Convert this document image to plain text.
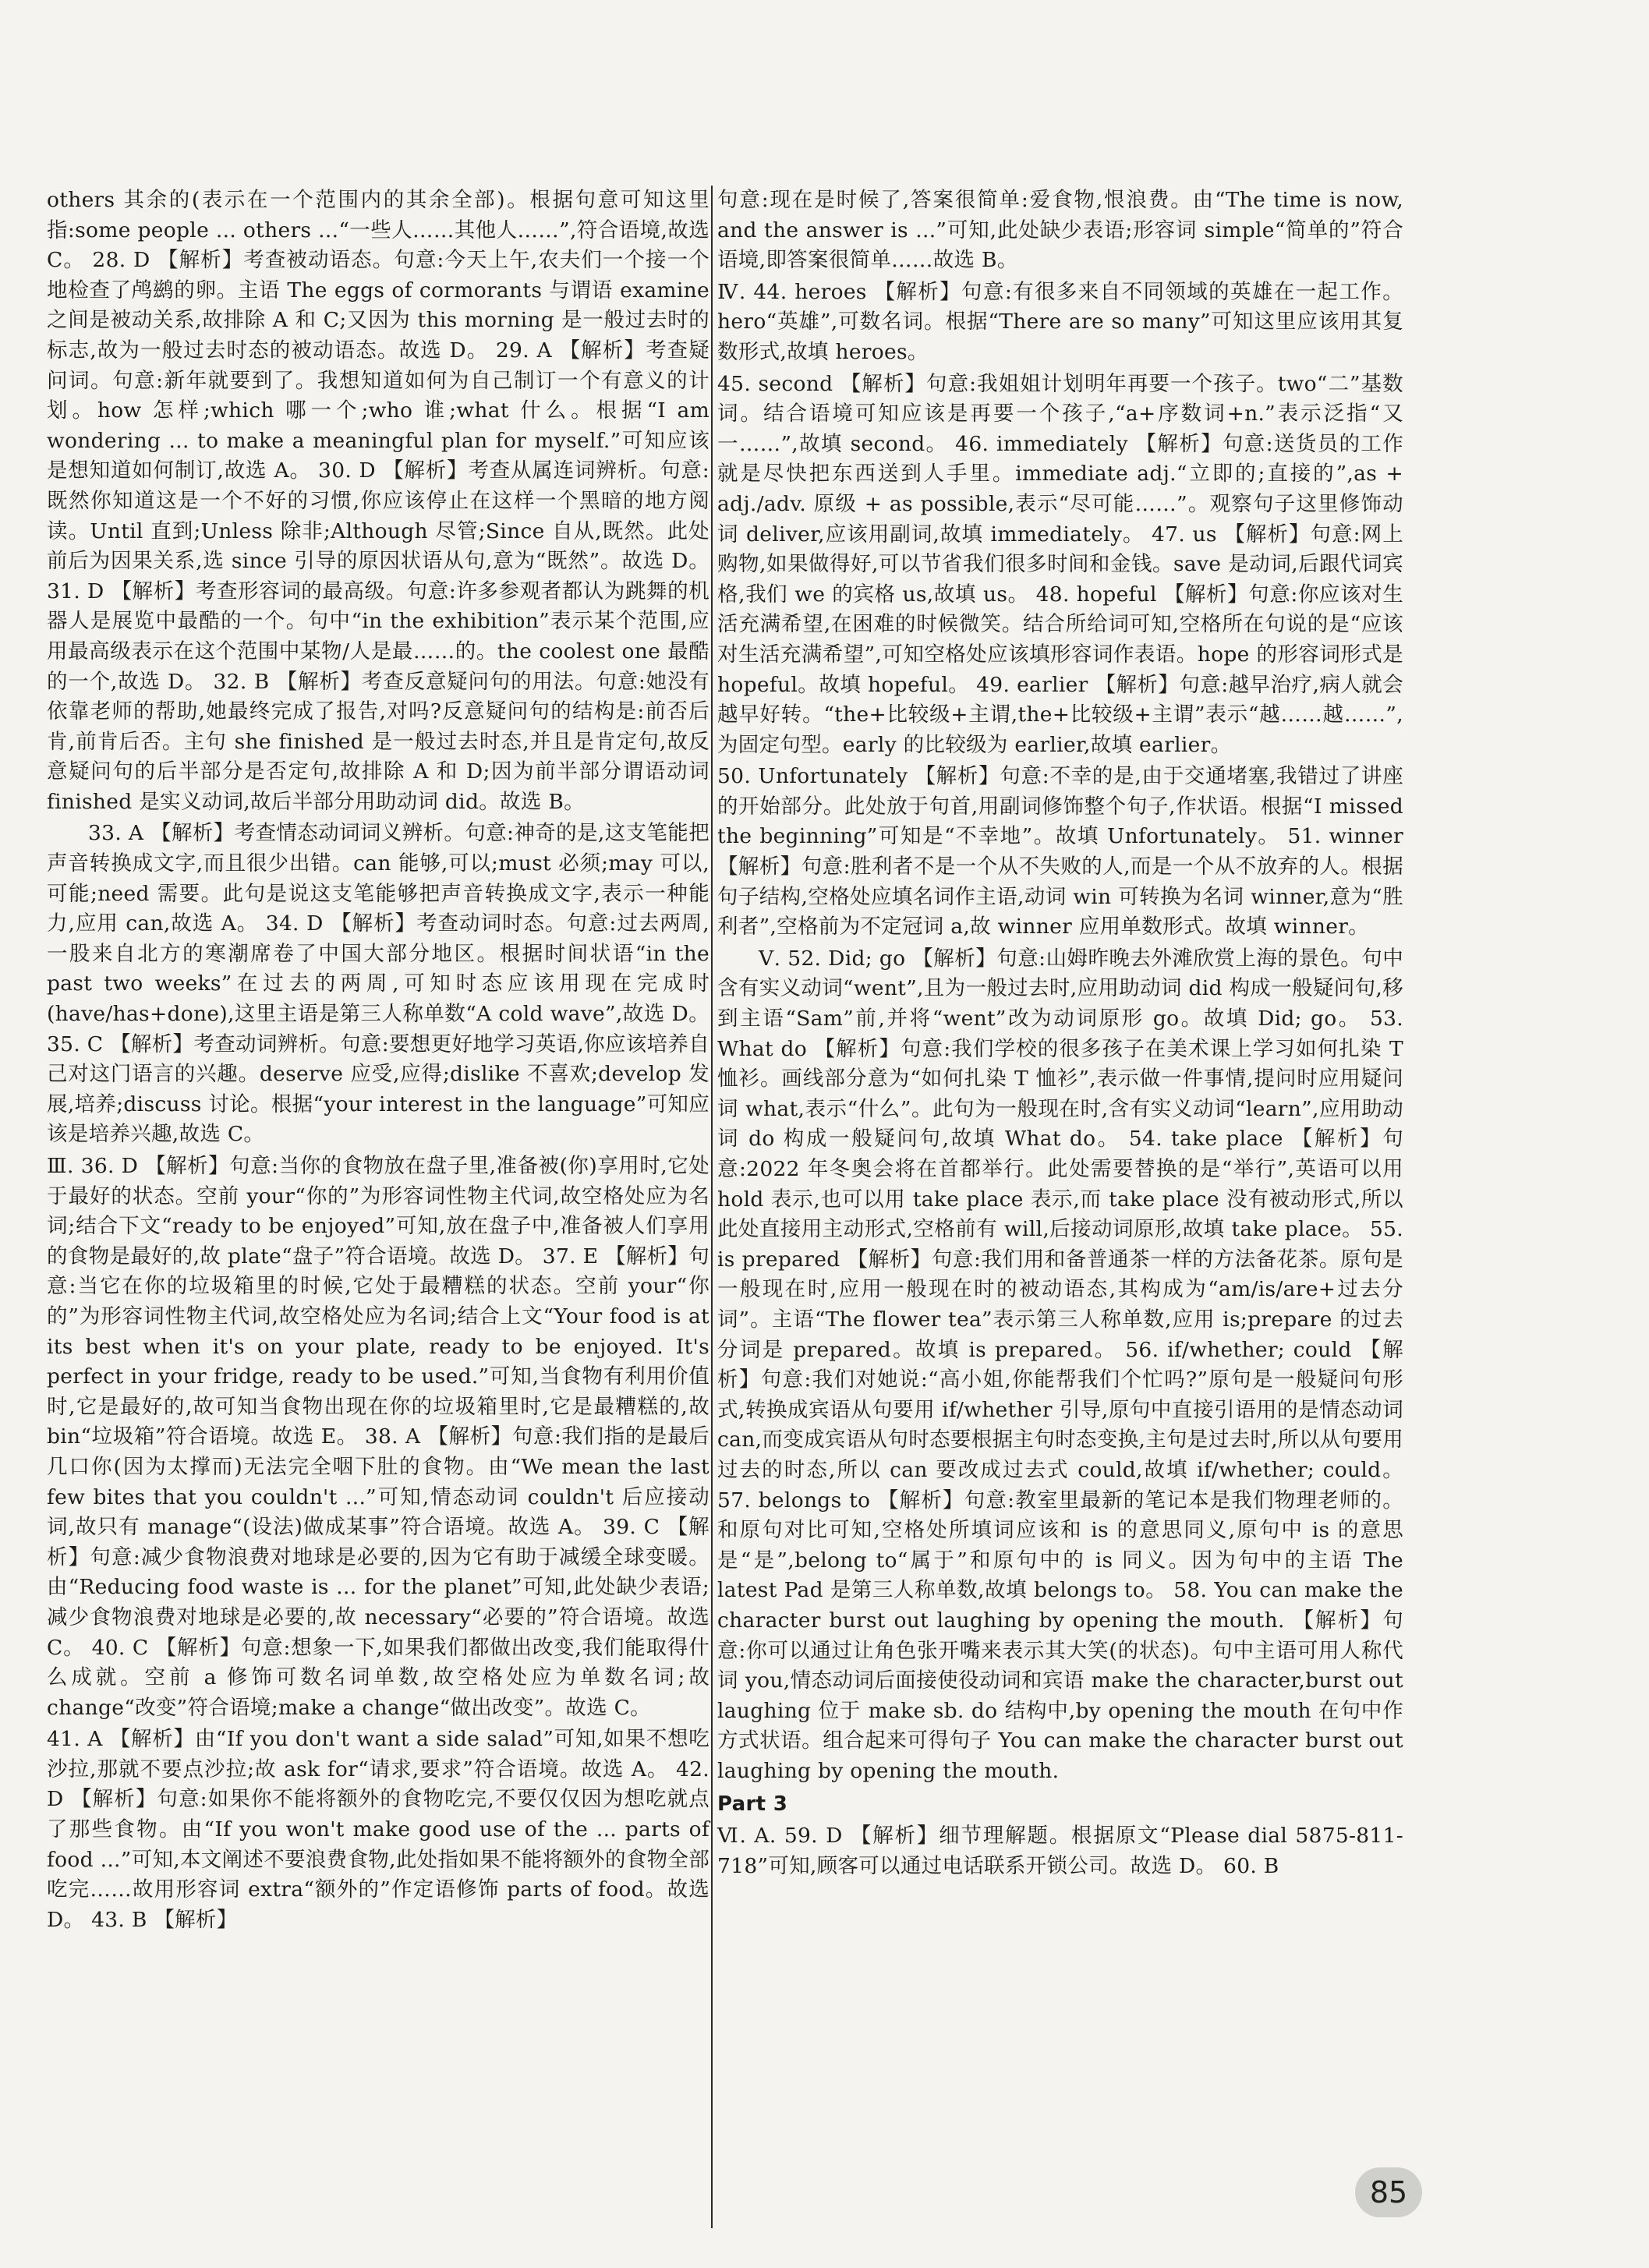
others 其余的(表示在一个范围内的其余全部)。根据句意可知这里指:some people ... others ...“一些人……其他人……”,符合语境,故选 C。 28. D 【解析】考查被动语态。句意:今天上午,农夫们一个接一个地检查了鸬鹚的卵。主语 The eggs of cormorants 与谓语 examine 之间是被动关系,故排除 A 和 C;又因为 this morning 是一般过去时的标志,故为一般过去时态的被动语态。故选 D。 29. A 【解析】考查疑问词。句意:新年就要到了。我想知道如何为自己制订一个有意义的计划。how 怎样;which 哪一个;who 谁;what 什么。根据“I am wondering ... to make a meaningful plan for myself.”可知应该是想知道如何制订,故选 A。 30. D 【解析】考查从属连词辨析。句意:既然你知道这是一个不好的习惯,你应该停止在这样一个黑暗的地方阅读。Until 直到;Unless 除非;Although 尽管;Since 自从,既然。此处前后为因果关系,选 since 引导的原因状语从句,意为“既然”。故选 D。 31. D 【解析】考查形容词的最高级。句意:许多参观者都认为跳舞的机器人是展览中最酷的一个。句中“in the exhibition”表示某个范围,应用最高级表示在这个范围中某物/人是最……的。the coolest one 最酷的一个,故选 D。 32. B 【解析】考查反意疑问句的用法。句意:她没有依靠老师的帮助,她最终完成了报告,对吗?反意疑问句的结构是:前否后肯,前肯后否。主句 she finished 是一般过去时态,并且是肯定句,故反意疑问句的后半部分是否定句,故排除 A 和 D;因为前半部分谓语动词 finished 是实义动词,故后半部分用助动词 did。故选 B。

33. A 【解析】考查情态动词词义辨析。句意:神奇的是,这支笔能把声音转换成文字,而且很少出错。can 能够,可以;must 必须;may 可以,可能;need 需要。此句是说这支笔能够把声音转换成文字,表示一种能力,应用 can,故选 A。 34. D 【解析】考查动词时态。句意:过去两周,一股来自北方的寒潮席卷了中国大部分地区。根据时间状语“in the past two weeks”在过去的两周,可知时态应该用现在完成时(have/has+done),这里主语是第三人称单数“A cold wave”,故选 D。 35. C 【解析】考查动词辨析。句意:要想更好地学习英语,你应该培养自己对这门语言的兴趣。deserve 应受,应得;dislike 不喜欢;develop 发展,培养;discuss 讨论。根据“your interest in the language”可知应该是培养兴趣,故选 C。

Ⅲ. 36. D 【解析】句意:当你的食物放在盘子里,准备被(你)享用时,它处于最好的状态。空前 your“你的”为形容词性物主代词,故空格处应为名词;结合下文“ready to be enjoyed”可知,放在盘子中,准备被人们享用的食物是最好的,故 plate“盘子”符合语境。故选 D。 37. E 【解析】句意:当它在你的垃圾箱里的时候,它处于最糟糕的状态。空前 your“你的”为形容词性物主代词,故空格处应为名词;结合上文“Your food is at its best when it's on your plate, ready to be enjoyed. It's perfect in your fridge, ready to be used.”可知,当食物有利用价值时,它是最好的,故可知当食物出现在你的垃圾箱里时,它是最糟糕的,故 bin“垃圾箱”符合语境。故选 E。 38. A 【解析】句意:我们指的是最后几口你(因为太撑而)无法完全咽下肚的食物。由“We mean the last few bites that you couldn't ...”可知,情态动词 couldn't 后应接动词,故只有 manage“(设法)做成某事”符合语境。故选 A。 39. C 【解析】句意:减少食物浪费对地球是必要的,因为它有助于减缓全球变暖。由“Reducing food waste is ... for the planet”可知,此处缺少表语;减少食物浪费对地球是必要的,故 necessary“必要的”符合语境。故选 C。 40. C 【解析】句意:想象一下,如果我们都做出改变,我们能取得什么成就。空前 a 修饰可数名词单数,故空格处应为单数名词;故 change“改变”符合语境;make a change“做出改变”。故选 C。

41. A 【解析】由“If you don't want a side salad”可知,如果不想吃沙拉,那就不要点沙拉;故 ask for“请求,要求”符合语境。故选 A。 42. D 【解析】句意:如果你不能将额外的食物吃完,不要仅仅因为想吃就点了那些食物。由“If you won't make good use of the ... parts of food ...”可知,本文阐述不要浪费食物,此处指如果不能将额外的食物全部吃完……故用形容词 extra“额外的”作定语修饰 parts of food。故选 D。 43. B 【解析】

句意:现在是时候了,答案很简单:爱食物,恨浪费。由“The time is now, and the answer is ...”可知,此处缺少表语;形容词 simple“简单的”符合语境,即答案很简单……故选 B。

Ⅳ. 44. heroes 【解析】句意:有很多来自不同领域的英雄在一起工作。hero“英雄”,可数名词。根据“There are so many”可知这里应该用其复数形式,故填 heroes。

45. second 【解析】句意:我姐姐计划明年再要一个孩子。two“二”基数词。结合语境可知应该是再要一个孩子,“a+序数词+n.”表示泛指“又一……”,故填 second。 46. immediately 【解析】句意:送货员的工作就是尽快把东西送到人手里。immediate adj.“立即的;直接的”,as + adj./adv. 原级 + as possible,表示“尽可能……”。观察句子这里修饰动词 deliver,应该用副词,故填 immediately。 47. us 【解析】句意:网上购物,如果做得好,可以节省我们很多时间和金钱。save 是动词,后跟代词宾格,我们 we 的宾格 us,故填 us。 48. hopeful 【解析】句意:你应该对生活充满希望,在困难的时候微笑。结合所给词可知,空格所在句说的是“应该对生活充满希望”,可知空格处应该填形容词作表语。hope 的形容词形式是 hopeful。故填 hopeful。 49. earlier 【解析】句意:越早治疗,病人就会越早好转。“the+比较级+主谓,the+比较级+主谓”表示“越……越……”,为固定句型。early 的比较级为 earlier,故填 earlier。

50. Unfortunately 【解析】句意:不幸的是,由于交通堵塞,我错过了讲座的开始部分。此处放于句首,用副词修饰整个句子,作状语。根据“I missed the beginning”可知是“不幸地”。故填 Unfortunately。 51. winner 【解析】句意:胜利者不是一个从不失败的人,而是一个从不放弃的人。根据句子结构,空格处应填名词作主语,动词 win 可转换为名词 winner,意为“胜利者”,空格前为不定冠词 a,故 winner 应用单数形式。故填 winner。

Ⅴ. 52. Did; go 【解析】句意:山姆昨晚去外滩欣赏上海的景色。句中含有实义动词“went”,且为一般过去时,应用助动词 did 构成一般疑问句,移到主语“Sam”前,并将“went”改为动词原形 go。故填 Did; go。 53. What do 【解析】句意:我们学校的很多孩子在美术课上学习如何扎染 T 恤衫。画线部分意为“如何扎染 T 恤衫”,表示做一件事情,提问时应用疑问词 what,表示“什么”。此句为一般现在时,含有实义动词“learn”,应用助动词 do 构成一般疑问句,故填 What do。 54. take place 【解析】句意:2022 年冬奥会将在首都举行。此处需要替换的是“举行”,英语可以用 hold 表示,也可以用 take place 表示,而 take place 没有被动形式,所以此处直接用主动形式,空格前有 will,后接动词原形,故填 take place。 55. is prepared 【解析】句意:我们用和备普通茶一样的方法备花茶。原句是一般现在时,应用一般现在时的被动语态,其构成为“am/is/are+过去分词”。主语“The flower tea”表示第三人称单数,应用 is;prepare 的过去分词是 prepared。故填 is prepared。 56. if/whether; could 【解析】句意:我们对她说:“高小姐,你能帮我们个忙吗?”原句是一般疑问句形式,转换成宾语从句要用 if/whether 引导,原句中直接引语用的是情态动词 can,而变成宾语从句时态要根据主句时态变换,主句是过去时,所以从句要用过去的时态,所以 can 要改成过去式 could,故填 if/whether; could。 57. belongs to 【解析】句意:教室里最新的笔记本是我们物理老师的。和原句对比可知,空格处所填词应该和 is 的意思同义,原句中 is 的意思是“是”,belong to“属于”和原句中的 is 同义。因为句中的主语 The latest Pad 是第三人称单数,故填 belongs to。 58. You can make the character burst out laughing by opening the mouth. 【解析】句意:你可以通过让角色张开嘴来表示其大笑(的状态)。句中主语可用人称代词 you,情态动词后面接使役动词和宾语 make the character,burst out laughing 位于 make sb. do 结构中,by opening the mouth 在句中作方式状语。组合起来可得句子 You can make the character burst out laughing by opening the mouth.

Part 3

Ⅵ. A. 59. D 【解析】细节理解题。根据原文“Please dial 5875-811-718”可知,顾客可以通过电话联系开锁公司。故选 D。 60. B

85
